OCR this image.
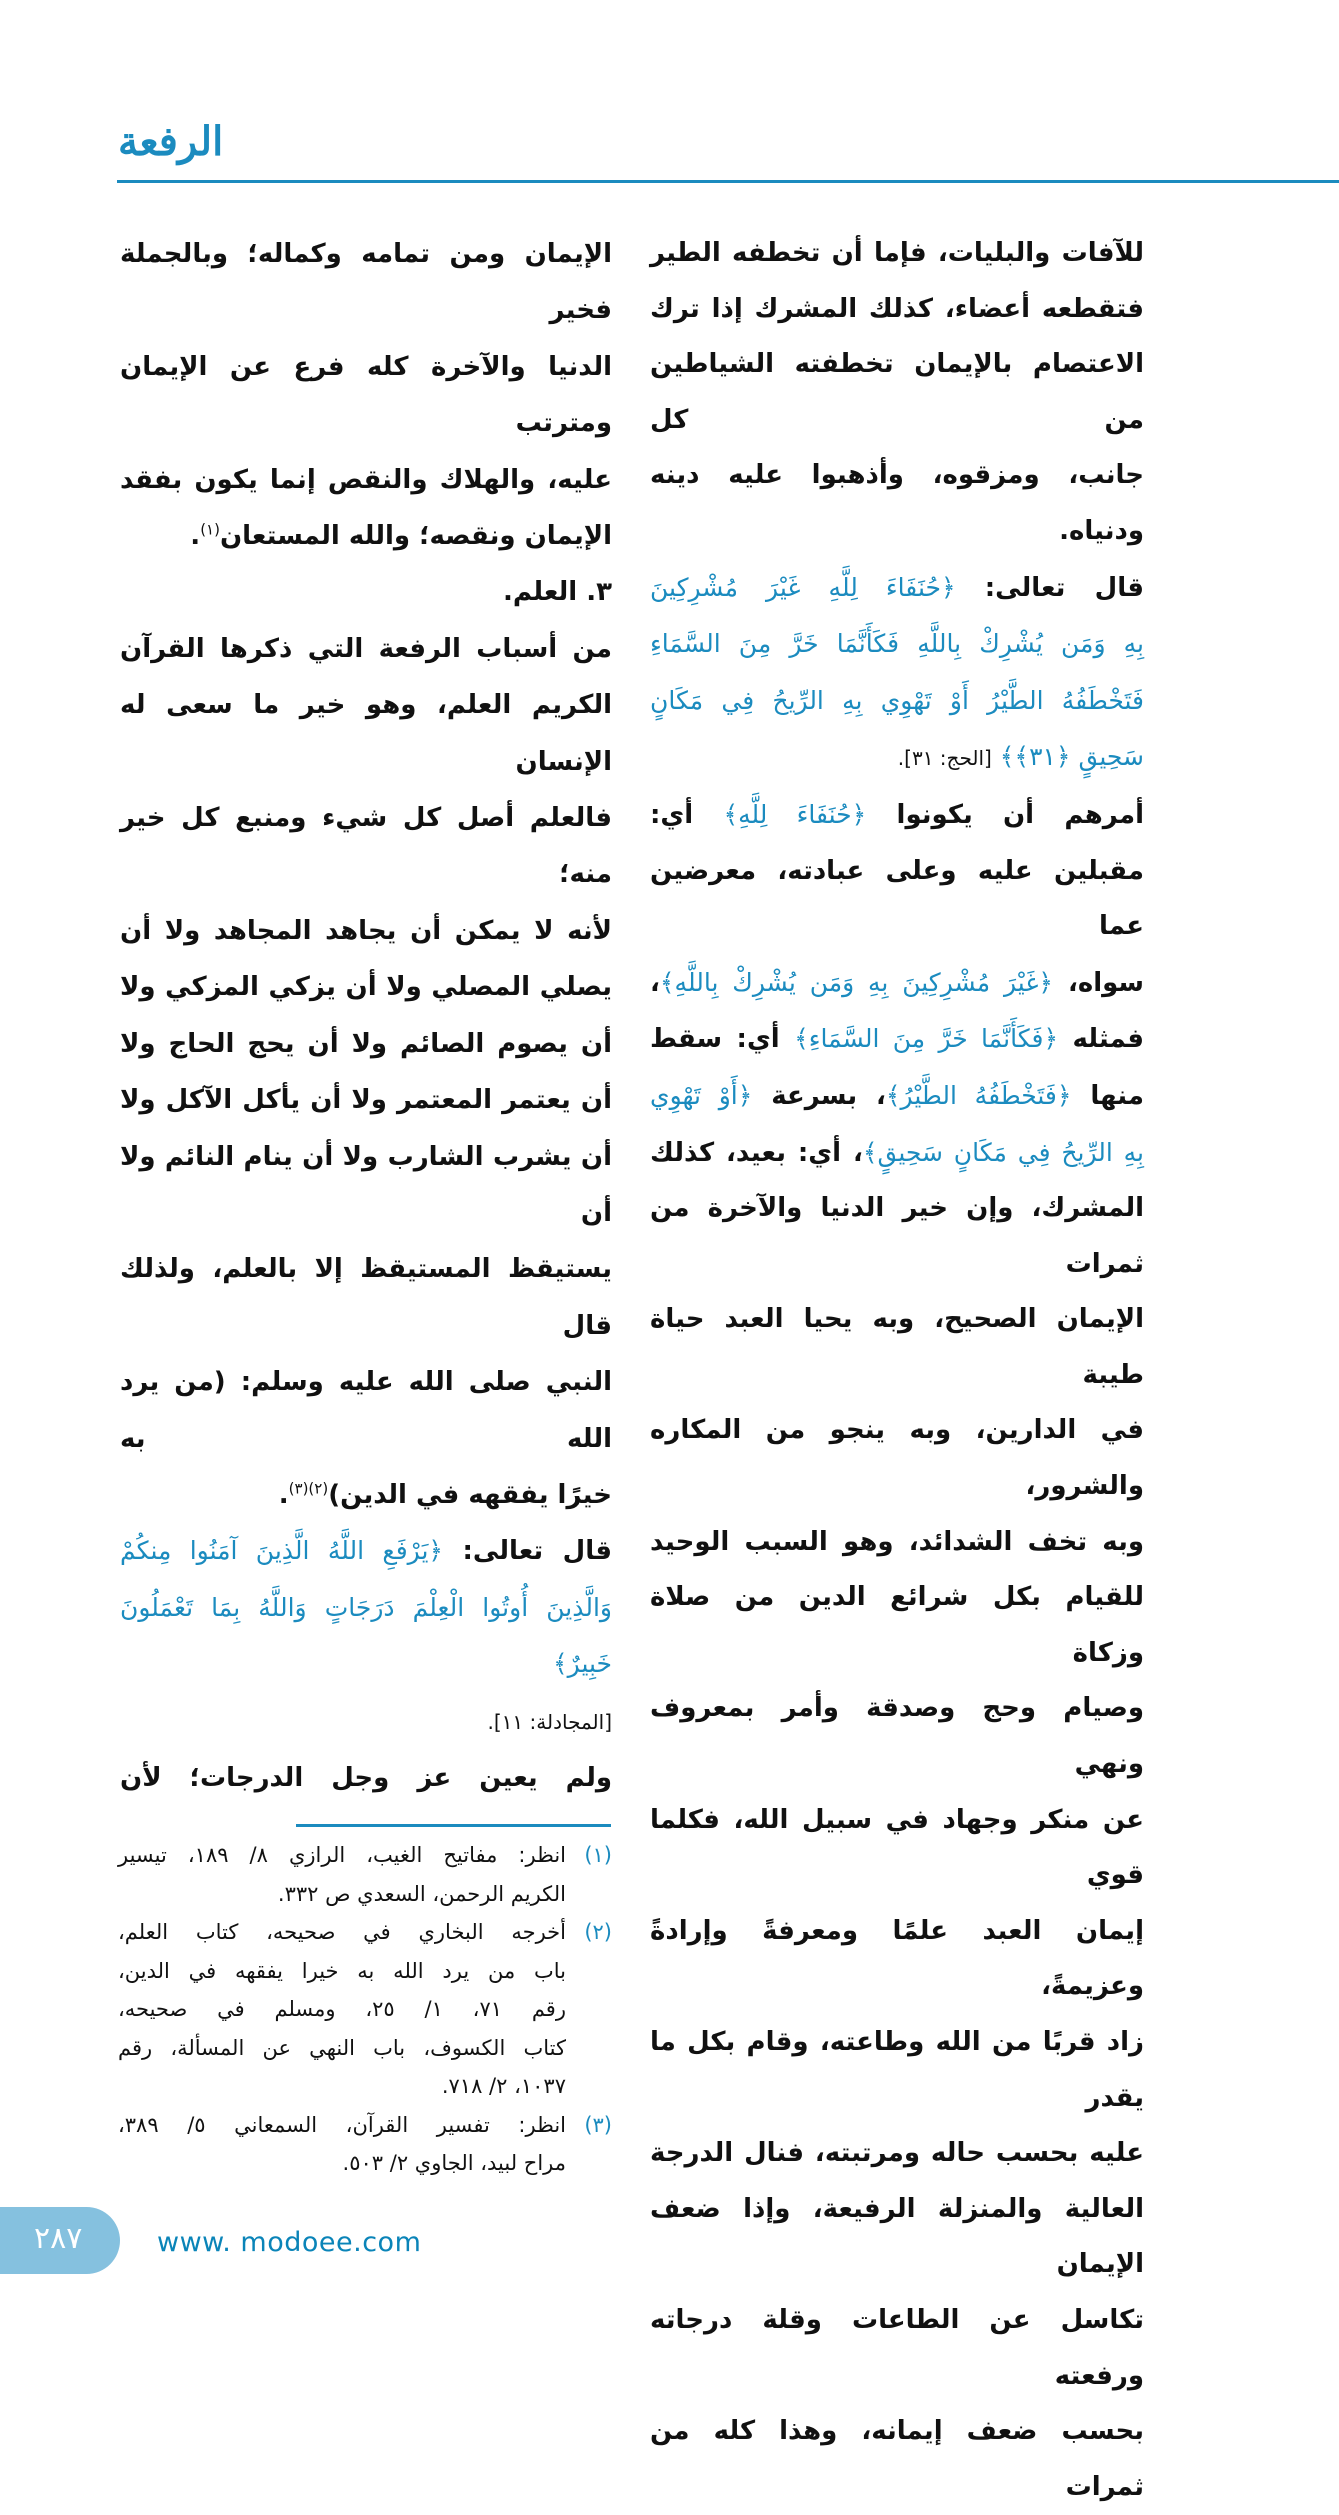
الرفعة
للآفات والبليات، فإما أن تخطفه الطير
فتقطعه أعضاء، كذلك المشرك إذا ترك
الاعتصام بالإيمان تخطفته الشياطين من كل
جانب، ومزقوه، وأذهبوا عليه دينه ودنياه.
قال تعالى: ﴿حُنَفَاءَ لِلَّهِ غَيْرَ مُشْرِكِينَ
بِهِ وَمَن يُشْرِكْ بِاللَّهِ فَكَأَنَّمَا خَرَّ مِنَ السَّمَاءِ
فَتَخْطَفُهُ الطَّيْرُ أَوْ تَهْوِي بِهِ الرِّيحُ فِي مَكَانٍ
سَحِيقٍ ﴿٣١﴾﴾ [الحج: ٣١].
أمرهم أن يكونوا ﴿حُنَفَاءَ لِلَّهِ﴾ أي:
مقبلين عليه وعلى عبادته، معرضين عما
سواه، ﴿غَيْرَ مُشْرِكِينَ بِهِ وَمَن يُشْرِكْ بِاللَّهِ﴾،
فمثله ﴿فَكَأَنَّمَا خَرَّ مِنَ السَّمَاءِ﴾ أي: سقط
منها ﴿فَتَخْطَفُهُ الطَّيْرُ﴾، بسرعة ﴿أَوْ تَهْوِي
بِهِ الرِّيحُ فِي مَكَانٍ سَحِيقٍ﴾، أي: بعيد، كذلك
المشرك، وإن خير الدنيا والآخرة من ثمرات
الإيمان الصحيح، وبه يحيا العبد حياة طيبة
في الدارين، وبه ينجو من المكاره والشرور،
وبه تخف الشدائد، وهو السبب الوحيد
للقيام بكل شرائع الدين من صلاة وزكاة
وصيام وحج وصدقة وأمر بمعروف ونهي
عن منكر وجهاد في سبيل الله، فكلما قوي
إيمان العبد علمًا ومعرفةً وإرادةً وعزيمةً،
زاد قربًا من الله وطاعته، وقام بكل ما يقدر
عليه بحسب حاله ومرتبته، فنال الدرجة
العالية والمنزلة الرفيعة، وإذا ضعف الإيمان
تكاسل عن الطاعات وقلة درجاته ورفعته
بحسب ضعف إيمانه، وهذا كله من ثمرات
الإيمان ومن تمامه وكماله؛ وبالجملة فخير
الدنيا والآخرة كله فرع عن الإيمان ومترتب
عليه، والهلاك والنقص إنما يكون بفقد
الإيمان ونقصه؛ والله المستعان$^{(١)}$.
٣. العلم.
من أسباب الرفعة التي ذكرها القرآن
الكريم العلم، وهو خير ما سعى له الإنسان
فالعلم أصل كل شيء ومنبع كل خير منه؛
لأنه لا يمكن أن يجاهد المجاهد ولا أن
يصلي المصلي ولا أن يزكي المزكي ولا
أن يصوم الصائم ولا أن يحج الحاج ولا
أن يعتمر المعتمر ولا أن يأكل الآكل ولا
أن يشرب الشارب ولا أن ينام النائم ولا أن
يستيقظ المستيقظ إلا بالعلم، ولذلك قال
النبي صلى الله عليه وسلم: (من يرد الله به
خيرًا يفقهه في الدين)$^{(٢)(٣)}$.
قال تعالى: ﴿يَرْفَعِ اللَّهُ الَّذِينَ آمَنُوا مِنكُمْ
وَالَّذِينَ أُوتُوا الْعِلْمَ دَرَجَاتٍ وَاللَّهُ بِمَا تَعْمَلُونَ خَبِيرٌ﴾
[المجادلة: ١١].
ولم يعين عز وجل الدرجات؛ لأن
(١)
انظر: مفاتيح الغيب، الرازي ٨/ ١٨٩، تيسير
الكريم الرحمن، السعدي ص ٣٣٢.
(٢)
أخرجه البخاري في صحيحه، كتاب العلم،
باب من يرد الله به خيرا يفقهه في الدين،
رقم ٧١، ١/ ٢٥، ومسلم في صحيحه،
كتاب الكسوف، باب النهي عن المسألة، رقم
١٠٣٧، ٢/ ٧١٨.
(٣)
انظر: تفسير القرآن، السمعاني ٥/ ٣٨٩،
مراح لبيد، الجاوي ٢/ ٥٠٣.
٢٨٧	www. modoee.com
